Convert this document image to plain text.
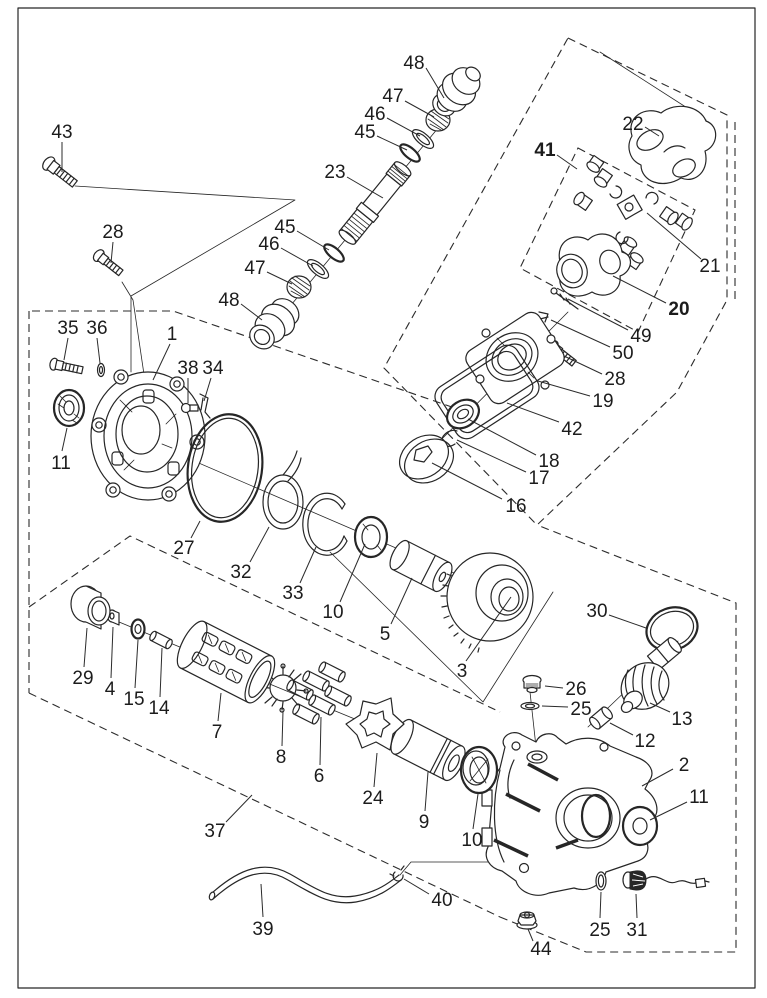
43
28
35 36	1
38 34
11
48
47
46
45
23
45
46
47
48
41
22
21
20
49
50
28
19
42
18
17
16
27
32
33
10
5
3
30
13
12
26
25
2
11
29
4 15 14
7
8
6
24
9
10
37
39
40
44
25 31
